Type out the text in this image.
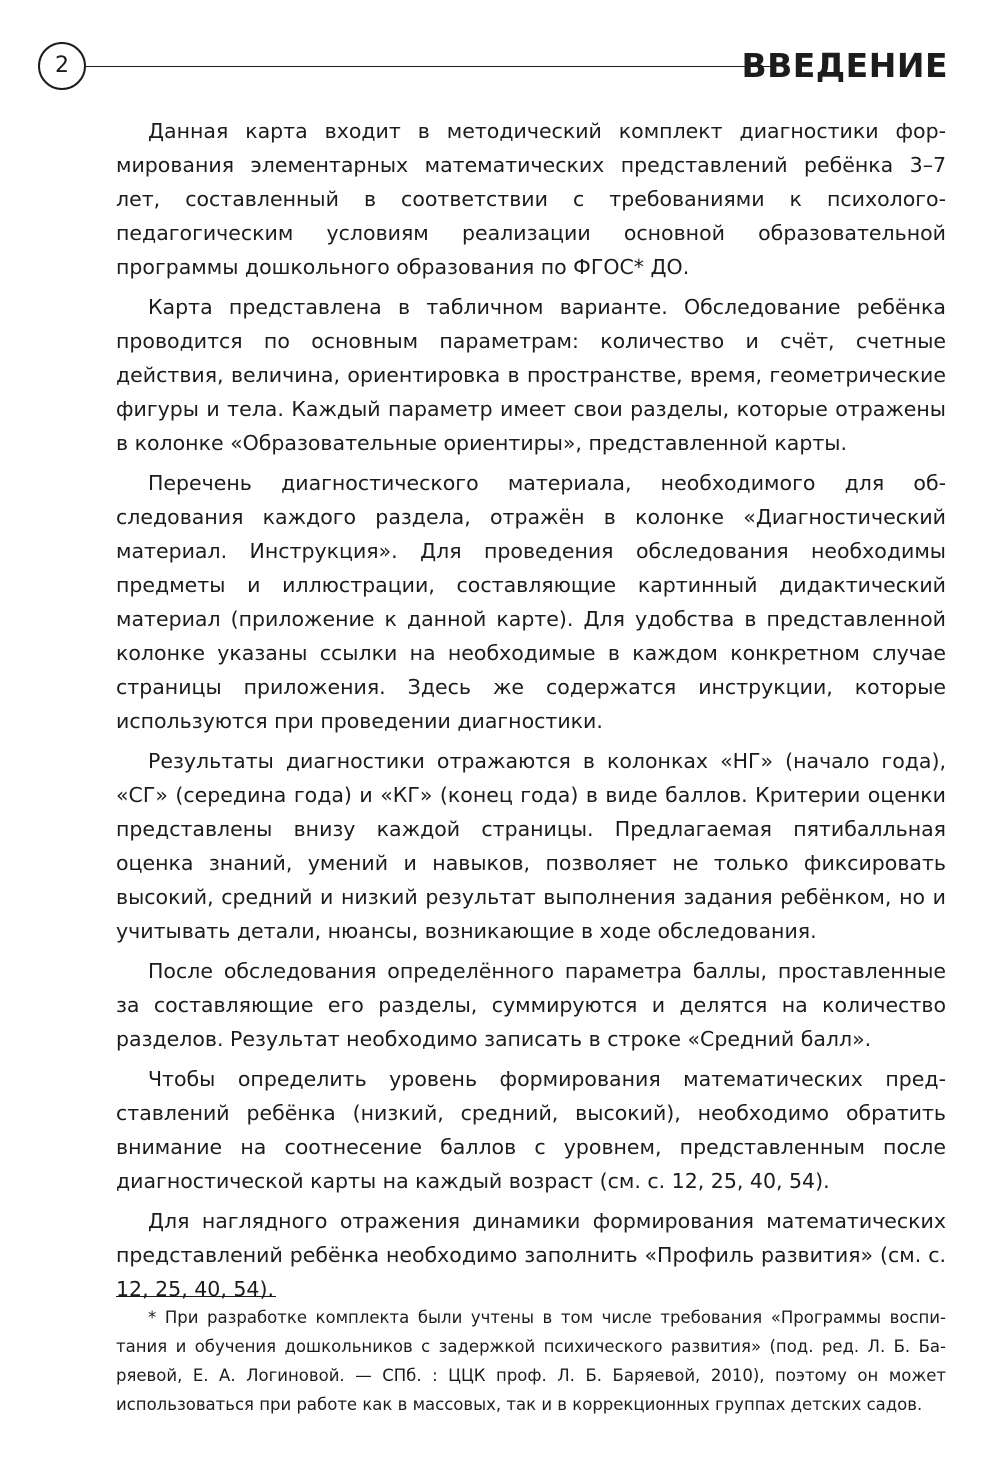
2	ВВЕДЕНИЕ

Данная карта входит в методический комплект диагностики формирования элементарных математических представлений ребёнка 3–7 лет, составленный в соответствии с требованиями к психолого-педагогическим условиям реализации основной образовательной программы дошкольного образования по ФГОС* ДО.

Карта представлена в табличном варианте. Обследование ребёнка проводится по основным параметрам: количество и счёт, счетные действия, величина, ориентировка в пространстве, время, геометрические фигуры и тела. Каждый параметр имеет свои разделы, которые отражены в колонке «Образовательные ориентиры», представленной карты.

Перечень диагностического материала, необходимого для обследования каждого раздела, отражён в колонке «Диагностический материал. Инструкция». Для проведения обследования необходимы предметы и иллюстрации, составляющие картинный дидактический материал (приложение к данной карте). Для удобства в представленной колонке указаны ссылки на необходимые в каждом конкретном случае страницы приложения. Здесь же содержатся инструкции, которые используются при проведении диагностики.

Результаты диагностики отражаются в колонках «НГ» (начало года), «СГ» (середина года) и «КГ» (конец года) в виде баллов. Критерии оценки представлены внизу каждой страницы. Предлагаемая пятибалльная оценка знаний, умений и навыков, позволяет не только фиксировать высокий, средний и низкий результат выполнения задания ребёнком, но и учитывать детали, нюансы, возникающие в ходе обследования.

После обследования определённого параметра баллы, проставленные за составляющие его разделы, суммируются и делятся на количество разделов. Результат необходимо записать в строке «Средний балл».

Чтобы определить уровень формирования математических представлений ребёнка (низкий, средний, высокий), необходимо обратить внимание на соотнесение баллов с уровнем, представленным после диагностической карты на каждый возраст (см. с. 12, 25, 40, 54).

Для наглядного отражения динамики формирования математических представлений ребёнка необходимо заполнить «Профиль развития» (см. с. 12, 25, 40, 54).

* При разработке комплекта были учтены в том числе требования «Программы воспитания и обучения дошкольников с задержкой психического развития» (под. ред. Л. Б. Баряевой, Е. А. Логиновой. — СПб. : ЦЦК проф. Л. Б. Баряевой, 2010), поэтому он может использоваться при работе как в массовых, так и в коррекционных группах детских садов.
